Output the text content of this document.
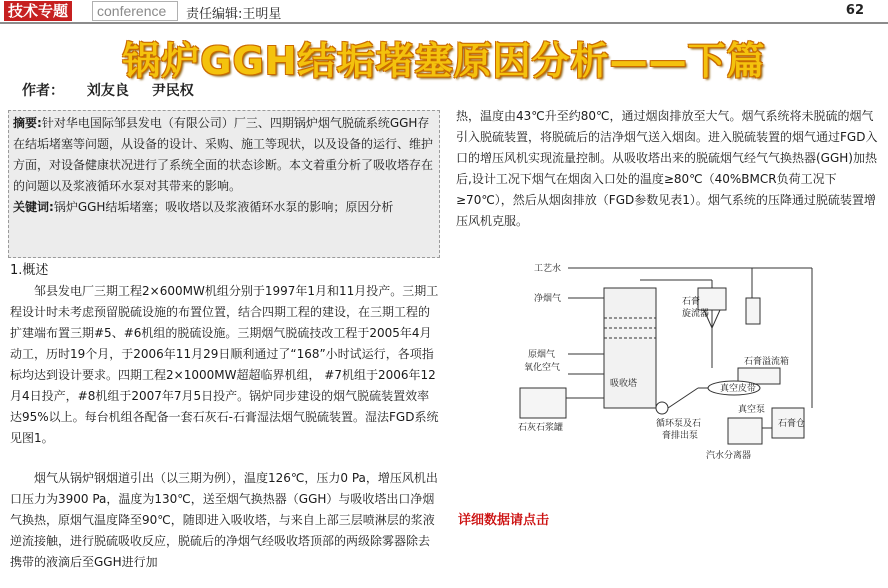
技术专题	conference	责任编辑:王明星	62
锅炉GGH结垢堵塞原因分析——下篇
作者： 刘友良 尹民权
摘要:针对华电国际邹县发电（有限公司）厂三、四期锅炉烟气脱硫系统GGH存在结垢堵塞等问题，从设备的设计、采购、施工等现状，以及设备的运行、维护方面，对设备健康状况进行了系统全面的状态诊断。本文着重分析了吸收塔存在的问题以及浆液循环水泵对其带来的影响。
关键词:锅炉GGH结垢堵塞；吸收塔以及浆液循环水泵的影响；原因分析
1.概述
邹县发电厂三期工程2×600MW机组分别于1997年1月和11月投产。三期工程设计时未考虑预留脱硫设施的布置位置，结合四期工程的建设，在三期工程的扩建端布置三期#5、#6机组的脱硫设施。三期烟气脱硫技改工程于2005年4月动工，历时19个月，于2006年11月29日顺利通过了“168”小时试运行，各项指标均达到设计要求。四期工程2×1000MW超超临界机组， #7机组于2006年12月4日投产，#8机组于2007年7月5日投产。锅炉同步建设的烟气脱硫装置效率达95%以上。每台机组各配备一套石灰石-石膏湿法烟气脱硫装置。湿法FGD系统见图1。
烟气从锅炉钢烟道引出（以三期为例），温度126℃，压力0 Pa，增压风机出口压力为3900 Pa，温度为130℃，送至烟气换热器（GGH）与吸收塔出口净烟气换热，原烟气温度降至90℃，随即进入吸收塔，与来自上部三层喷淋层的浆液逆流接触，进行脱硫吸收反应，脱硫后的净烟气经吸收塔顶部的两级除雾器除去携带的液滴后至GGH进行加
热，温度由43℃升至约80℃，通过烟囱排放至大气。烟气系统将未脱硫的烟气引入脱硫装置，将脱硫后的洁净烟气送入烟囱。进入脱硫装置的烟气通过FGD入口的增压风机实现流量控制。从吸收塔出来的脱硫烟气经气气换热器(GGH)加热后,设计工况下烟气在烟囱入口处的温度≥80℃（40%BMCR负荷工况下≥70℃），然后从烟囱排放（FGD参数见表1）。烟气系统的压降通过脱硫装置增压风机克服。
工艺水
净烟气
原烟气
氧化空气
吸收塔
石膏
旋流器
石膏溢流箱
真空皮带
真空泵
石膏仓
石灰石浆罐	循环泵及石
膏排出泵
汽水分离器
详细数据请点击
